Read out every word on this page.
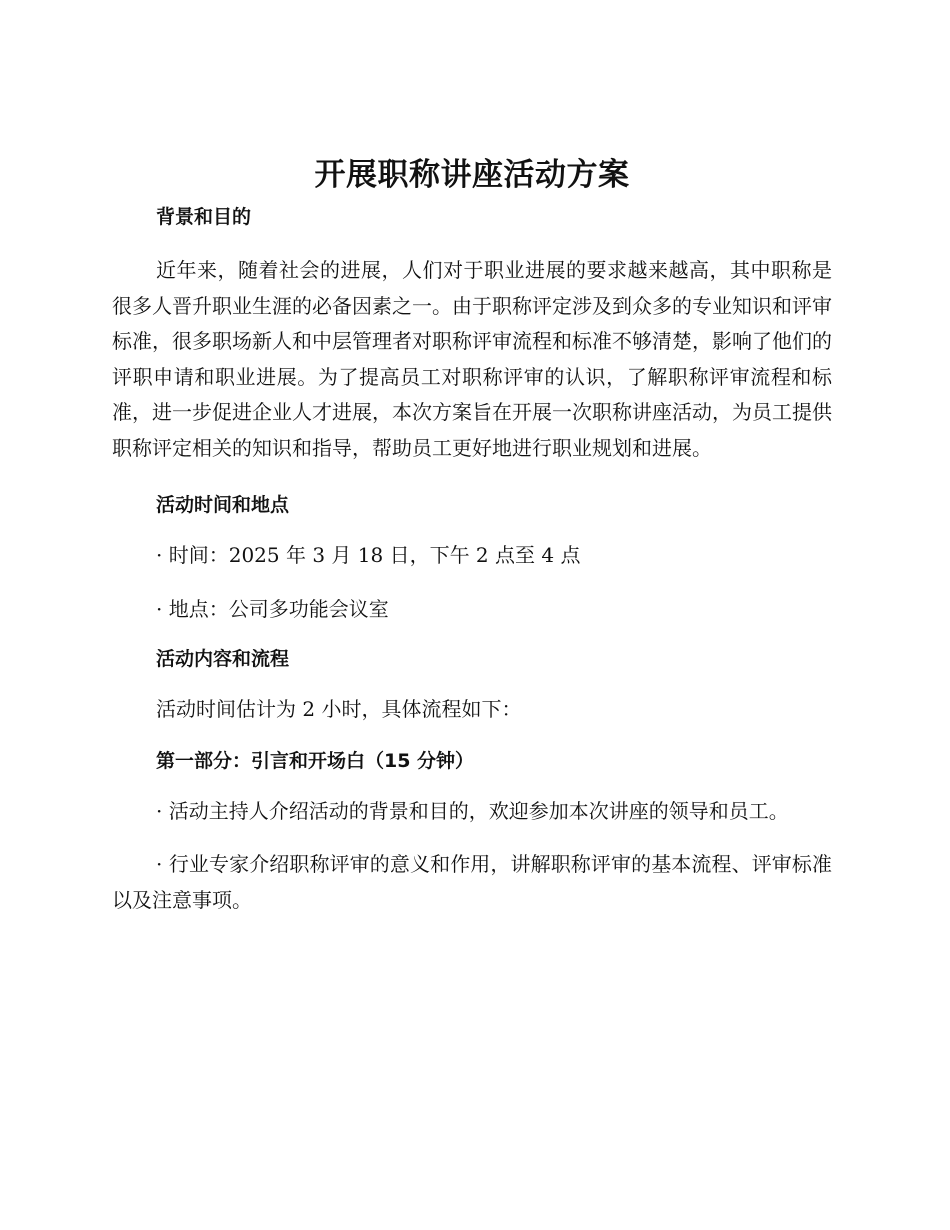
开展职称讲座活动方案

背景和目的

近年来，随着社会的进展，人们对于职业进展的要求越来越高，其中职称是很多人晋升职业生涯的必备因素之一。由于职称评定涉及到众多的专业知识和评审标准，很多职场新人和中层管理者对职称评审流程和标准不够清楚，影响了他们的评职申请和职业进展。为了提高员工对职称评审的认识，了解职称评审流程和标准，进一步促进企业人才进展，本次方案旨在开展一次职称讲座活动，为员工提供职称评定相关的知识和指导，帮助员工更好地进行职业规划和进展。

活动时间和地点

· 时间：2025 年 3 月 18 日，下午 2 点至 4 点

· 地点：公司多功能会议室

活动内容和流程

活动时间估计为 2 小时，具体流程如下：

第一部分：引言和开场白（15 分钟）

· 活动主持人介绍活动的背景和目的，欢迎参加本次讲座的领导和员工。

· 行业专家介绍职称评审的意义和作用，讲解职称评审的基本流程、评审标准以及注意事项。
